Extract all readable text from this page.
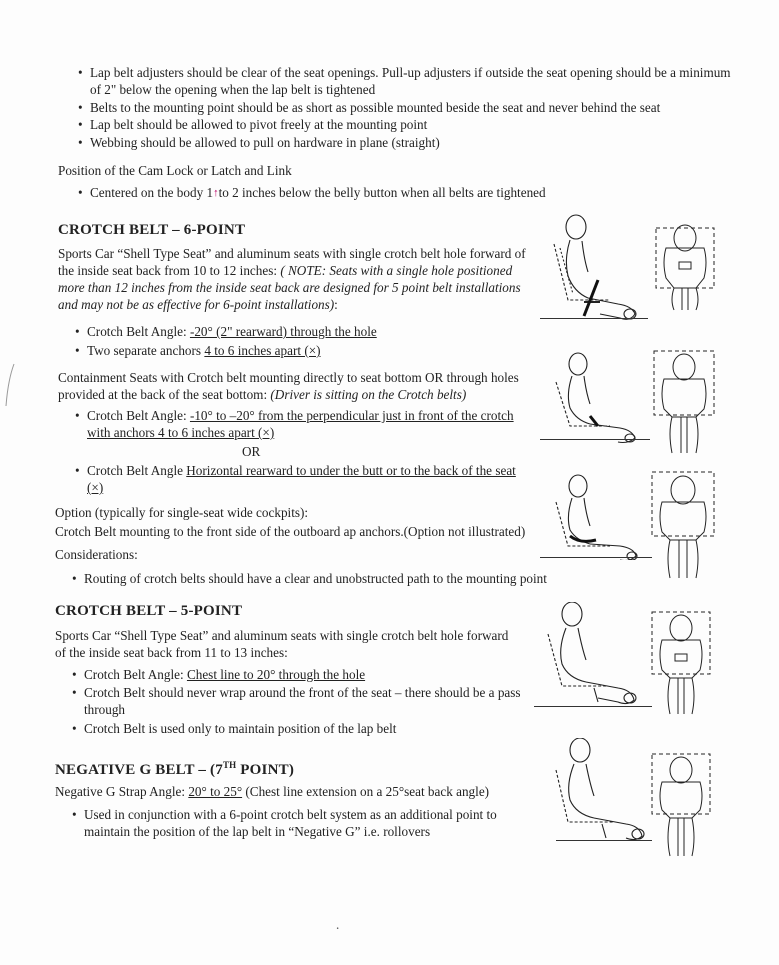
• Lap belt adjusters should be clear of the seat openings. Pull-up adjusters if outside the seat opening should be a minimum of 2" below the opening when the lap belt is tightened
• Belts to the mounting point should be as short as possible mounted beside the seat and never behind the seat
• Lap belt should be allowed to pivot freely at the mounting point
• Webbing should be allowed to pull on hardware in plane (straight)

Position of the Cam Lock or Latch and Link

• Centered on the body 1↑to 2 inches below the belly button when all belts are tightened
CROTCH BELT – 6-POINT

Sports Car “Shell Type Seat” and aluminum seats with single crotch belt hole forward of the inside seat back from 10 to 12 inches: ( NOTE: Seats with a single hole positioned more than 12 inches from the inside seat back are designed for 5 point belt installations and may not be as effective for 6-point installations):

• Crotch Belt Angle: -20° (2" rearward) through the hole
• Two separate anchors 4 to 6 inches apart (×)

Containment Seats with Crotch belt mounting directly to seat bottom OR through holes provided at the back of the seat bottom: (Driver is sitting on the Crotch belts)

• Crotch Belt Angle: -10° to –20° from the perpendicular just in front of the crotch with anchors 4 to 6 inches apart (×)

OR

• Crotch Belt Angle Horizontal rearward to under the butt or to the back of the seat (×)

Option (typically for single-seat wide cockpits):

Crotch Belt mounting to the front side of the outboard ap anchors.(Option not illustrated)

Considerations:

• Routing of crotch belts should have a clear and unobstructed path to the mounting point
CROTCH BELT – 5-POINT

Sports Car “Shell Type Seat” and aluminum seats with single crotch belt hole forward of the inside seat back from 11 to 13 inches:

• Crotch Belt Angle: Chest line to 20° through the hole
• Crotch Belt should never wrap around the front of the seat – there should be a pass through
• Crotch Belt is used only to maintain position of the lap belt
NEGATIVE G BELT – (7TH POINT)

Negative G Strap Angle: 20° to 25° (Chest line extension on a 25°seat back angle)

• Used in conjunction with a 6-point crotch belt system as an additional point to maintain the position of the lap belt in “Negative G” i.e. rollovers

.
